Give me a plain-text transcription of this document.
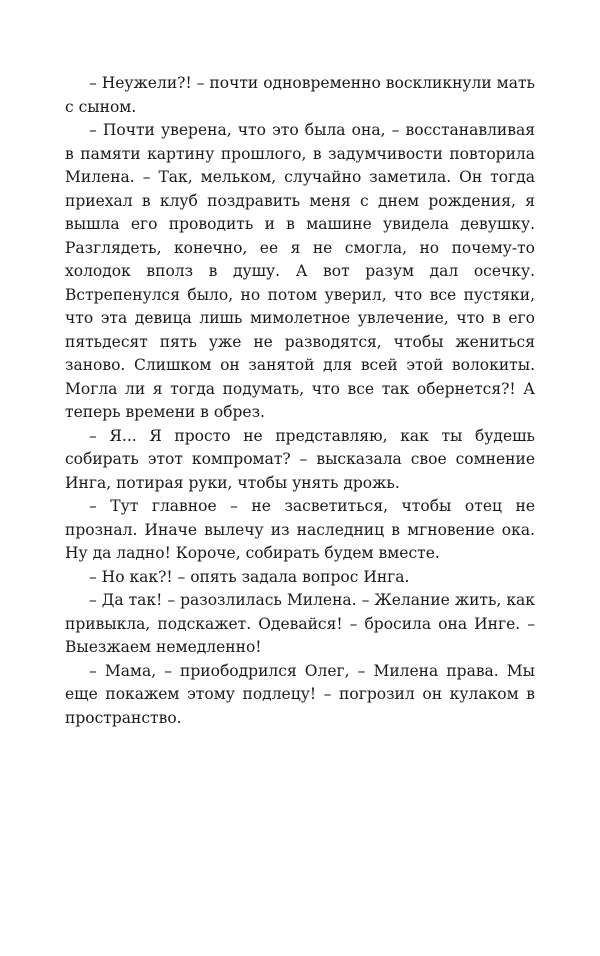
– Неужели?! – почти одновременно воскликнули мать с сыном.

– Почти уверена, что это была она, – восстанавливая в памяти картину прошлого, в задумчивости повторила Милена. – Так, мельком, случайно заметила. Он тогда приехал в клуб поздравить меня с днем рождения, я вышла его проводить и в машине увидела девушку. Разглядеть, конечно, ее я не смогла, но почему-то холодок вполз в душу. А вот разум дал осечку. Встрепенулся было, но потом уверил, что все пустяки, что эта девица лишь мимолетное увлечение, что в его пятьдесят пять уже не разводятся, чтобы жениться заново. Слишком он занятой для всей этой волокиты. Могла ли я тогда подумать, что все так обернется?! А теперь времени в обрез.

– Я... Я просто не представляю, как ты будешь собирать этот компромат? – высказала свое сомнение Инга, потирая руки, чтобы унять дрожь.

– Тут главное – не засветиться, чтобы отец не прознал. Иначе вылечу из наследниц в мгновение ока. Ну да ладно! Короче, собирать будем вместе.

– Но как?! – опять задала вопрос Инга.

– Да так! – разозлилась Милена. – Желание жить, как привыкла, подскажет. Одевайся! – бросила она Инге. – Выезжаем немедленно!

– Мама, – приободрился Олег, – Милена права. Мы еще покажем этому подлецу! – погрозил он кулаком в пространство.
